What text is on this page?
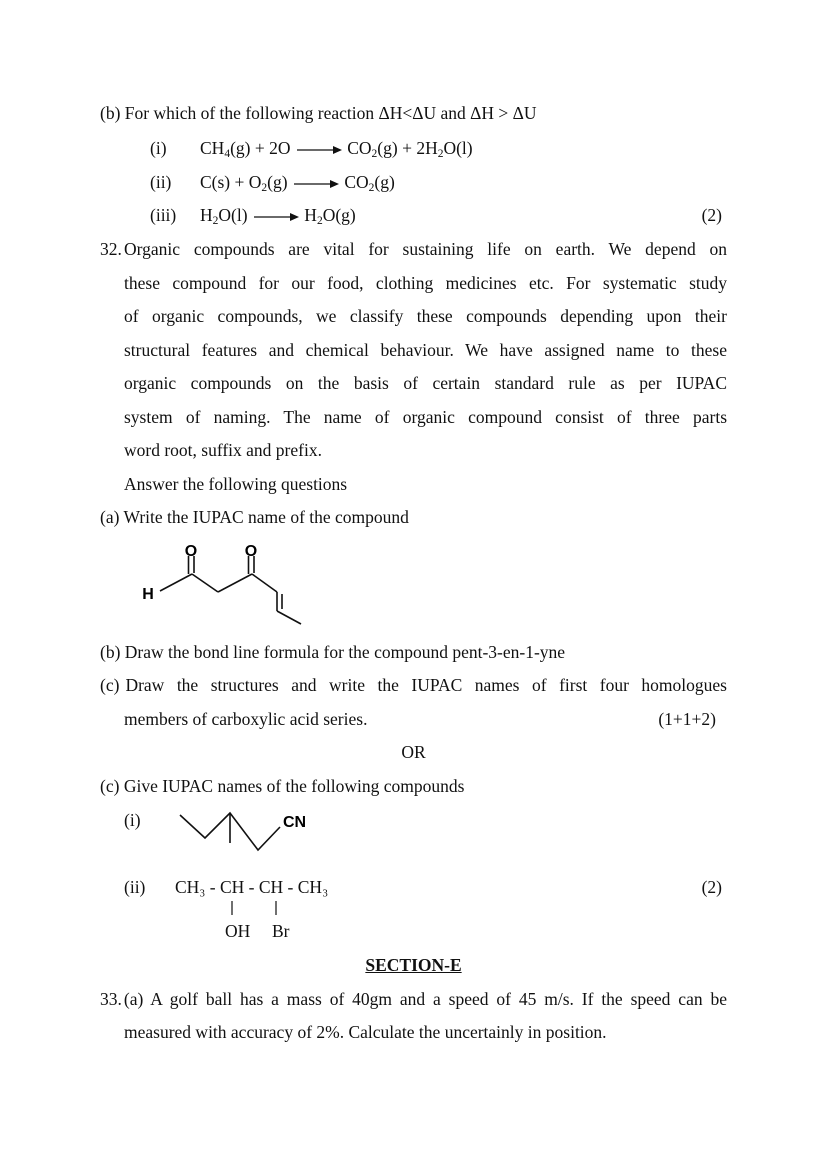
(b) For which of the following reaction ΔH<ΔU and ΔH > ΔU
(i) $CH_4(g) + 2O \to CO_2(g) + 2H_2O(l)$
(ii) $C(s) + O_2(g) \to CO_2(g)$
(iii) $H_2O(l) \to H_2O(g)$	(2)
32. Organic compounds are vital for sustaining life on earth. We depend on
these compound for our food, clothing medicines etc. For systematic study
of organic compounds, we classify these compounds depending upon their
structural features and chemical behaviour. We have assigned name to these
organic compounds on the basis of certain standard rule as per IUPAC
system of naming. The name of organic compound consist of three parts
word root, suffix and prefix.
Answer the following questions
(a) Write the IUPAC name of the compound
O	O
H
(b) Draw the bond line formula for the compound pent-3-en-1-yne
(c) Draw the structures and write the IUPAC names of first four homologues
members of carboxylic acid series.	(1+1+2)
OR
(c) Give IUPAC names of the following compounds
(i)	CN
(ii) CH₃ - CH - CH - CH₃
OH Br
(2)
SECTION-E
33. (a) A golf ball has a mass of 40gm and a speed of 45 m/s. If the speed can be
measured with accuracy of 2%. Calculate the uncertainly in position.
